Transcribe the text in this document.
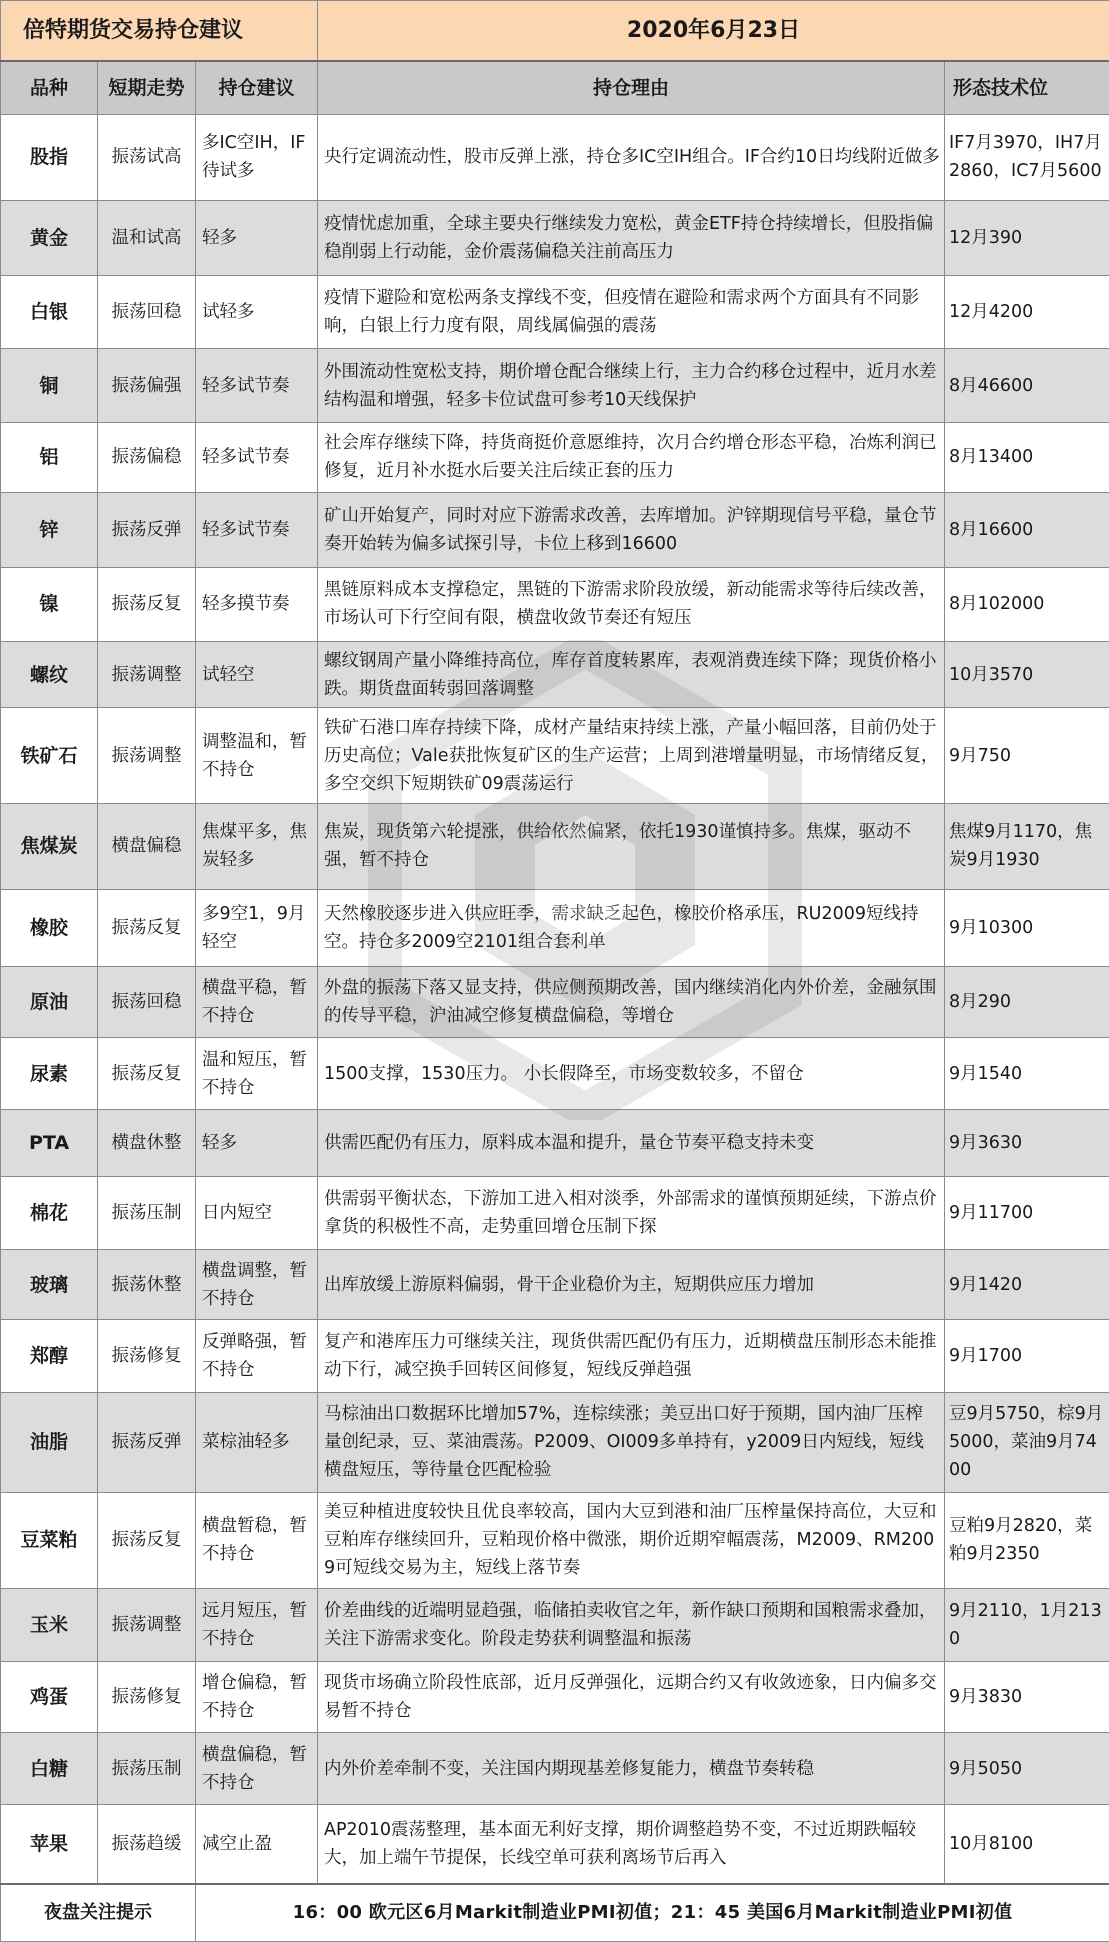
倍特期货交易持仓建议			2020年6月23日	
品种	短期走势	持仓建议	持仓理由	形态技术位
股指	振荡试高	多IC空IH，IF待试多	央行定调流动性，股市反弹上涨，持仓多IC空IH组合。IF合约10日均线附近做多	IF7月3970，IH7月2860，IC7月5600
黄金	温和试高	轻多	疫情忧虑加重，全球主要央行继续发力宽松，黄金ETF持仓持续增长，但股指偏稳削弱上行动能，金价震荡偏稳关注前高压力	12月390
白银	振荡回稳	试轻多	疫情下避险和宽松两条支撑线不变，但疫情在避险和需求两个方面具有不同影响，白银上行力度有限，周线属偏强的震荡	12月4200
铜	振荡偏强	轻多试节奏	外围流动性宽松支持，期价增仓配合继续上行，主力合约移仓过程中，近月水差结构温和增强，轻多卡位试盘可参考10天线保护	8月46600
铝	振荡偏稳	轻多试节奏	社会库存继续下降，持货商挺价意愿维持，次月合约增仓形态平稳，冶炼利润已修复，近月补水挺水后要关注后续正套的压力	8月13400
锌	振荡反弹	轻多试节奏	矿山开始复产，同时对应下游需求改善，去库增加。沪锌期现信号平稳，量仓节奏开始转为偏多试探引导，卡位上移到16600	8月16600
镍	振荡反复	轻多摸节奏	黑链原料成本支撑稳定，黑链的下游需求阶段放缓，新动能需求等待后续改善，市场认可下行空间有限，横盘收敛节奏还有短压	8月102000
螺纹	振荡调整	试轻空	螺纹钢周产量小降维持高位，库存首度转累库，表观消费连续下降；现货价格小跌。期货盘面转弱回落调整	10月3570
铁矿石	振荡调整	调整温和，暂不持仓	铁矿石港口库存持续下降，成材产量结束持续上涨，产量小幅回落，目前仍处于历史高位；Vale获批恢复矿区的生产运营；上周到港增量明显，市场情绪反复，多空交织下短期铁矿09震荡运行	9月750
焦煤炭	横盘偏稳	焦煤平多，焦炭轻多	焦炭，现货第六轮提涨，供给依然偏紧，依托1930谨慎持多。焦煤，驱动不强，暂不持仓	焦煤9月1170，焦炭9月1930
橡胶	振荡反复	多9空1，9月轻空	天然橡胶逐步进入供应旺季，需求缺乏起色，橡胶价格承压，RU2009短线持空。持仓多2009空2101组合套利单	9月10300
原油	振荡回稳	横盘平稳，暂不持仓	外盘的振荡下落又显支持，供应侧预期改善，国内继续消化内外价差，金融氛围的传导平稳，沪油减空修复横盘偏稳，等增仓	8月290
尿素	振荡反复	温和短压，暂不持仓	1500支撑，1530压力。 小长假降至，市场变数较多，不留仓	9月1540
PTA	横盘休整	轻多	供需匹配仍有压力，原料成本温和提升，量仓节奏平稳支持未变	9月3630
棉花	振荡压制	日内短空	供需弱平衡状态，下游加工进入相对淡季，外部需求的谨慎预期延续，下游点价拿货的积极性不高，走势重回增仓压制下探	9月11700
玻璃	振荡休整	横盘调整，暂不持仓	出库放缓上游原料偏弱，骨干企业稳价为主，短期供应压力增加	9月1420
郑醇	振荡修复	反弹略强，暂不持仓	复产和港库压力可继续关注，现货供需匹配仍有压力，近期横盘压制形态未能推动下行，减空换手回转区间修复，短线反弹趋强	9月1700
油脂	振荡反弹	菜棕油轻多	马棕油出口数据环比增加57%，连棕续涨；美豆出口好于预期，国内油厂压榨量创纪录，豆、菜油震荡。P2009、OI009多单持有，y2009日内短线，短线横盘短压，等待量仓匹配检验	豆9月5750，棕9月5000，菜油9月7400
豆菜粕	振荡反复	横盘暂稳，暂不持仓	美豆种植进度较快且优良率较高，国内大豆到港和油厂压榨量保持高位，大豆和豆粕库存继续回升，豆粕现价格中微涨，期价近期窄幅震荡，M2009、RM2009可短线交易为主，短线上落节奏	豆粕9月2820，菜粕9月2350
玉米	振荡调整	远月短压，暂不持仓	价差曲线的近端明显趋强，临储拍卖收官之年，新作缺口预期和国粮需求叠加，关注下游需求变化。阶段走势获利调整温和振荡	9月2110，1月2130
鸡蛋	振荡修复	增仓偏稳，暂不持仓	现货市场确立阶段性底部，近月反弹强化，远期合约又有收敛迹象，日内偏多交易暂不持仓	9月3830
白糖	振荡压制	横盘偏稳，暂不持仓	内外价差牵制不变，关注国内期现基差修复能力，横盘节奏转稳	9月5050
苹果	振荡趋缓	减空止盈	AP2010震荡整理，基本面无利好支撑，期价调整趋势不变，不过近期跌幅较大，加上端午节提保，长线空单可获利离场节后再入	10月8100
夜盘关注提示		16：00 欧元区6月Markit制造业PMI初值；21：45 美国6月Markit制造业PMI初值		
